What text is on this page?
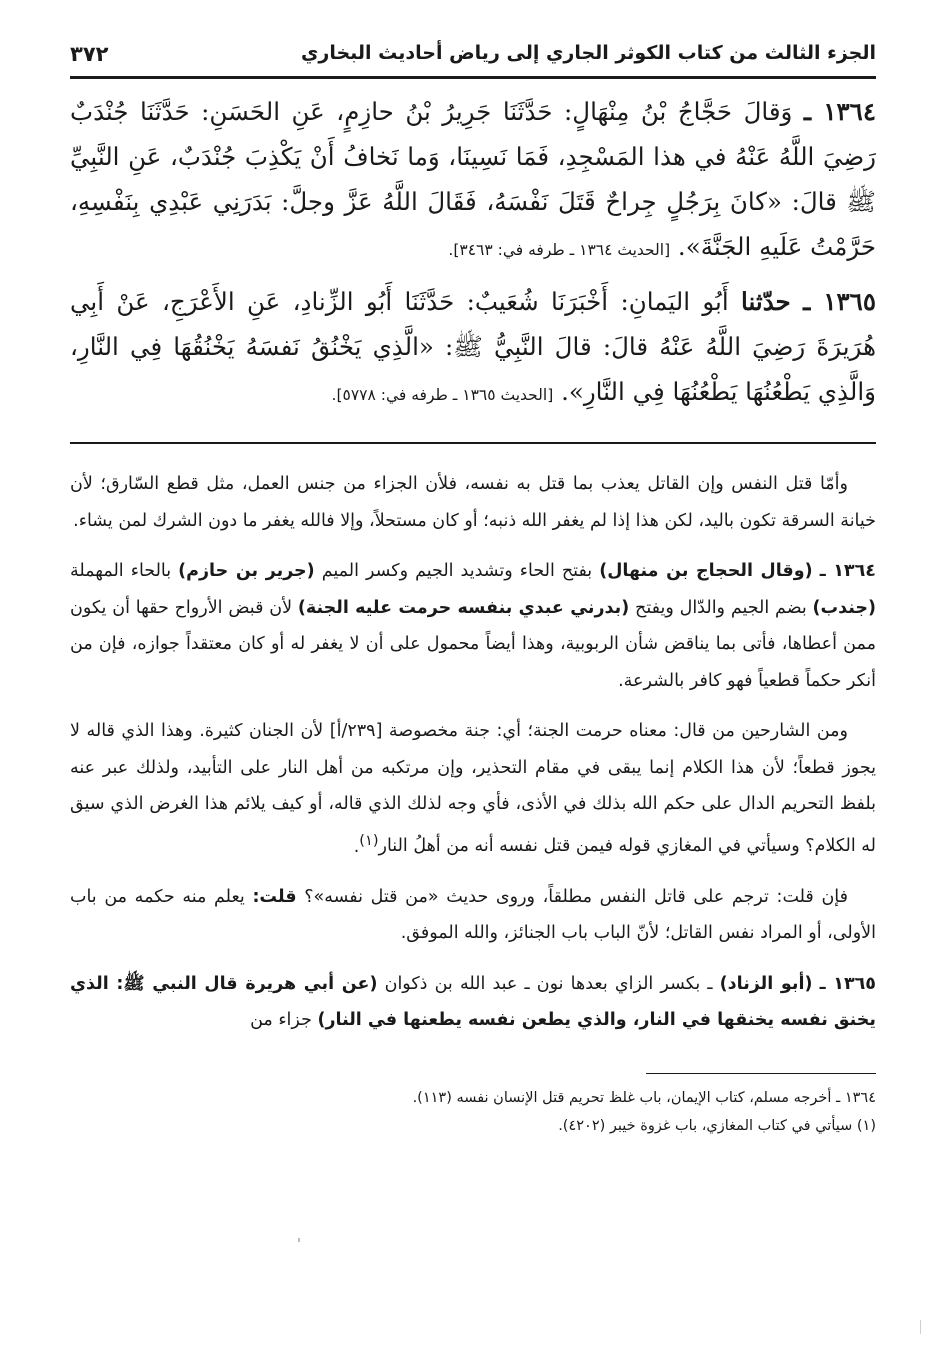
الجزء الثالث من كتاب الكوثر الجاري إلى رياض أحاديث البخاري
٣٧٢

١٣٦٤ ـ وَقالَ حَجَّاجُ بْنُ مِنْهَالٍ: حَدَّثَنَا جَرِيرُ بْنُ حازِمٍ، عَنِ الحَسَنِ: حَدَّثَنَا جُنْدَبٌ رَضِيَ اللَّهُ عَنْهُ في هذا المَسْجِدِ، فَمَا نَسِينَا، وَما نَخافُ أَنْ يَكْذِبَ جُنْدَبٌ، عَنِ النَّبِيِّ ﷺ قالَ: «كانَ بِرَجُلٍ جِراحٌ قَتَلَ نَفْسَهُ، فَقَالَ اللَّهُ عَزَّ وجلَّ: بَدَرَنِي عَبْدِي بِنَفْسِهِ، حَرَّمْتُ عَلَيهِ الجَنَّةَ». [الحديث ١٣٦٤ ـ طرفه في: ٣٤٦٣].

١٣٦٥ ـ حدّثنا أَبُو اليَمانِ: أَخْبَرَنَا شُعَيبٌ: حَدَّثَنَا أَبُو الزِّنادِ، عَنِ الأَعْرَجِ، عَنْ أَبِي هُرَيرَةَ رَضِيَ اللَّهُ عَنْهُ قالَ: قالَ النَّبِيُّ ﷺ: «الَّذِي يَخْنُقُ نَفسَهُ يَخْنُقُهَا فِي النَّارِ، وَالَّذِي يَطْعُنُهَا يَطْعُنُهَا فِي النَّارِ». [الحديث ١٣٦٥ ـ طرفه في: ٥٧٧٨].

وأمّا قتل النفس وإن القاتل يعذب بما قتل به نفسه، فلأن الجزاء من جنس العمل، مثل قطع السّارق؛ لأن خيانة السرقة تكون باليد، لكن هذا إذا لم يغفر الله ذنبه؛ أو كان مستحلاً، وإلا فالله يغفر ما دون الشرك لمن يشاء.

١٣٦٤ ـ (وقال الحجاج بن منهال) بفتح الحاء وتشديد الجيم وكسر الميم (جرير بن حازم) بالحاء المهملة (جندب) بضم الجيم والدّال ويفتح (بدرني عبدي بنفسه حرمت عليه الجنة) لأن قبض الأرواح حقها أن يكون ممن أعطاها، فأتى بما يناقض شأن الربوبية، وهذا أيضاً محمول على أن لا يغفر له أو كان معتقداً جوازه، فإن من أنكر حكماً قطعياً فهو كافر بالشرعة.

ومن الشارحين من قال: معناه حرمت الجنة؛ أي: جنة مخصوصة [٢٣٩/أ] لأن الجنان كثيرة. وهذا الذي قاله لا يجوز قطعاً؛ لأن هذا الكلام إنما يبقى في مقام التحذير، وإن مرتكبه من أهل النار على التأبيد، ولذلك عبر عنه بلفظ التحريم الدال على حكم الله بذلك في الأذى، فأي وجه لذلك الذي قاله، أو كيف يلائم هذا الغرض الذي سيق له الكلام؟ وسيأتي في المغازي قوله فيمن قتل نفسه أنه من أهلُ النار$^{(١)}$.

فإن قلت: ترجم على قاتل النفس مطلقاً، وروى حديث «من قتل نفسه»؟ قلت: يعلم منه حكمه من باب الأولى، أو المراد نفس القاتل؛ لأنّ الباب باب الجنائز، والله الموفق.

١٣٦٥ ـ (أبو الزناد) ـ بكسر الزاي بعدها نون ـ عبد الله بن ذكوان (عن أبي هريرة قال النبي ﷺ: الذي يخنق نفسه يخنقها في النار، والذي يطعن نفسه يطعنها في النار) جزاء من

١٣٦٤ ـ أخرجه مسلم، كتاب الإيمان، باب غلظ تحريم قتل الإنسان نفسه (١١٣).

(١) سيأتي في كتاب المغازي، باب غزوة خيبر (٤٢٠٢).
